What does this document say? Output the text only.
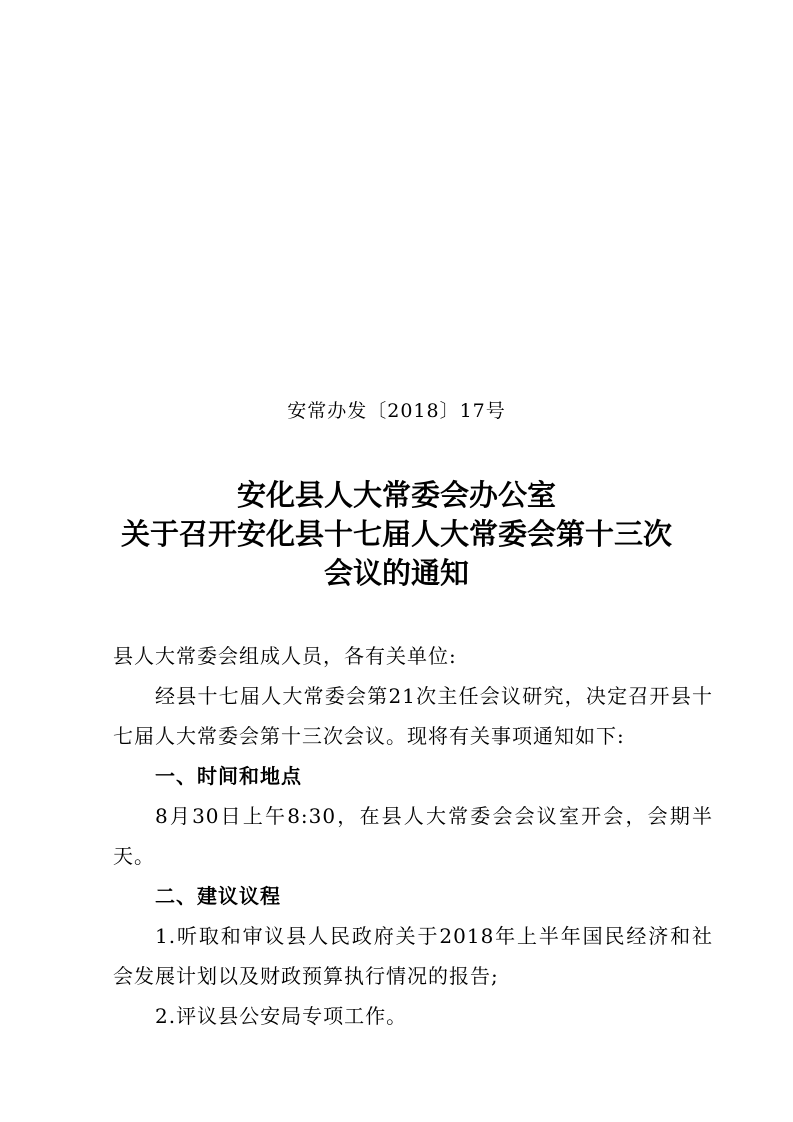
安常办发〔2018〕17号
安化县人大常委会办公室
关于召开安化县十七届人大常委会第十三次
会议的通知

县人大常委会组成人员，各有关单位:

经县十七届人大常委会第21次主任会议研究，决定召开县十七届人大常委会第十三次会议。现将有关事项通知如下:

一、时间和地点

8月30日上午8:30，在县人大常委会会议室开会，会期半天。

二、建议议程

1.听取和审议县人民政府关于2018年上半年国民经济和社会发展计划以及财政预算执行情况的报告;

2.评议县公安局专项工作。
